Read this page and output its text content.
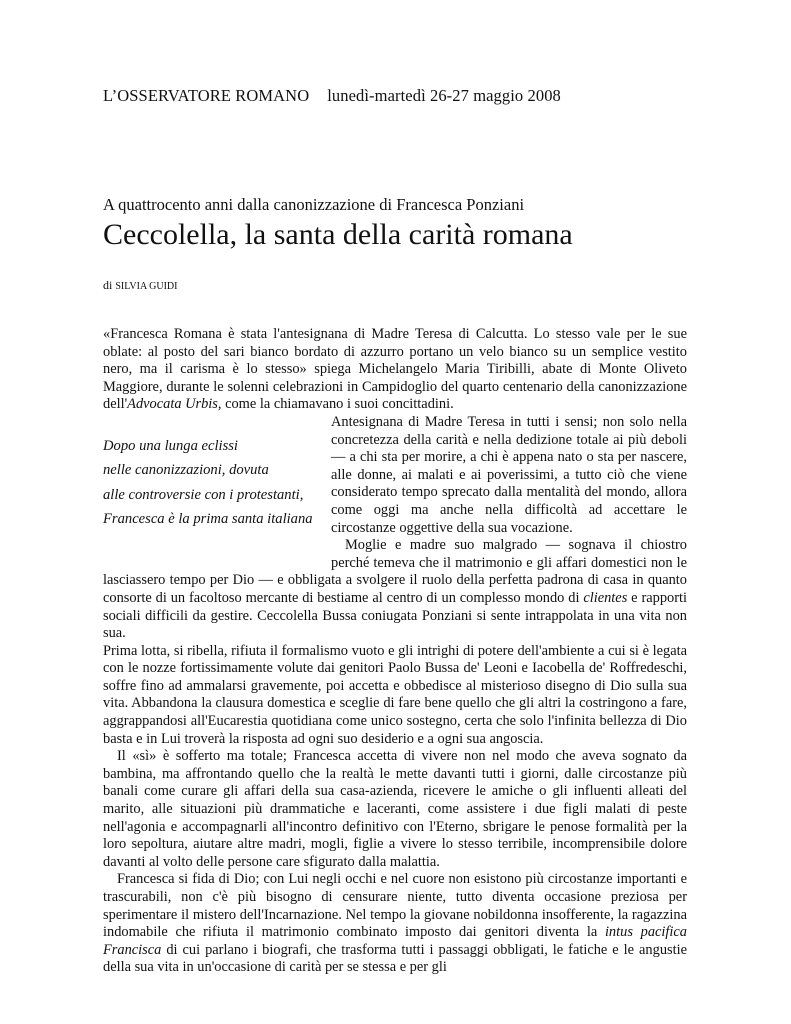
L’OSSERVATORE ROMANO lunedì-martedì 26-27 maggio 2008
A quattrocento anni dalla canonizzazione di Francesca Ponziani
Ceccolella, la santa della carità romana
di SILVIA GUIDI

«Francesca Romana è stata l'antesignana di Madre Teresa di Calcutta. Lo stesso vale per le sue oblate: al posto del sari bianco bordato di azzurro portano un velo bianco su un semplice vestito nero, ma il carisma è lo stesso» spiega Michelangelo Maria Tiribilli, abate di Monte Oliveto Maggiore, durante le solenni celebrazioni in Campidoglio del quarto centenario della canonizzazione dell'Advocata Urbis, come la chiamavano i suoi concittadini.

Dopo una lunga eclissi
nelle canonizzazioni, dovuta
alle controversie con i protestanti,
Francesca è la prima santa italiana
Antesignana di Madre Teresa in tutti i sensi; non solo nella concretezza della carità e nella dedizione totale ai più deboli — a chi sta per morire, a chi è appena nato o sta per nascere, alle donne, ai malati e ai poverissimi, a tutto ciò che viene considerato tempo sprecato dalla mentalità del mondo, allora come oggi ma anche nella difficoltà ad accettare le circostanze oggettive della sua vocazione.

Moglie e madre suo malgrado — sognava il chiostro perché temeva che il matrimonio e gli affari domestici non le lasciassero tempo per Dio — e obbligata a svolgere il ruolo della perfetta padrona di casa in quanto consorte di un facoltoso mercante di bestiame al centro di un complesso mondo di clientes e rapporti sociali difficili da gestire. Ceccolella Bussa coniugata Ponziani si sente intrappolata in una vita non sua.

Prima lotta, si ribella, rifiuta il formalismo vuoto e gli intrighi di potere dell'ambiente a cui si è legata con le nozze fortissimamente volute dai genitori Paolo Bussa de' Leoni e Iacobella de' Roffredeschi, soffre fino ad ammalarsi gravemente, poi accetta e obbedisce al misterioso disegno di Dio sulla sua vita. Abbandona la clausura domestica e sceglie di fare bene quello che gli altri la costringono a fare, aggrappandosi all'Eucarestia quotidiana come unico sostegno, certa che solo l'infinita bellezza di Dio basta e in Lui troverà la risposta ad ogni suo desiderio e a ogni sua angoscia.

Il «sì» è sofferto ma totale; Francesca accetta di vivere non nel modo che aveva sognato da bambina, ma affrontando quello che la realtà le mette davanti tutti i giorni, dalle circostanze più banali come curare gli affari della sua casa-azienda, ricevere le amiche o gli influenti alleati del marito, alle situazioni più drammatiche e laceranti, come assistere i due figli malati di peste nell'agonia e accompagnarli all'incontro definitivo con l'Eterno, sbrigare le penose formalità per la loro sepoltura, aiutare altre madri, mogli, figlie a vivere lo stesso terribile, incomprensibile dolore davanti al volto delle persone care sfigurato dalla malattia.

Francesca si fida di Dio; con Lui negli occhi e nel cuore non esistono più circostanze importanti e trascurabili, non c'è più bisogno di censurare niente, tutto diventa occasione preziosa per sperimentare il mistero dell'Incarnazione. Nel tempo la giovane nobildonna insofferente, la ragazzina indomabile che rifiuta il matrimonio combinato imposto dai genitori diventa la intus pacifica Francisca di cui parlano i biografi, che trasforma tutti i passaggi obbligati, le fatiche e le angustie della sua vita in un'occasione di carità per se stessa e per gli
